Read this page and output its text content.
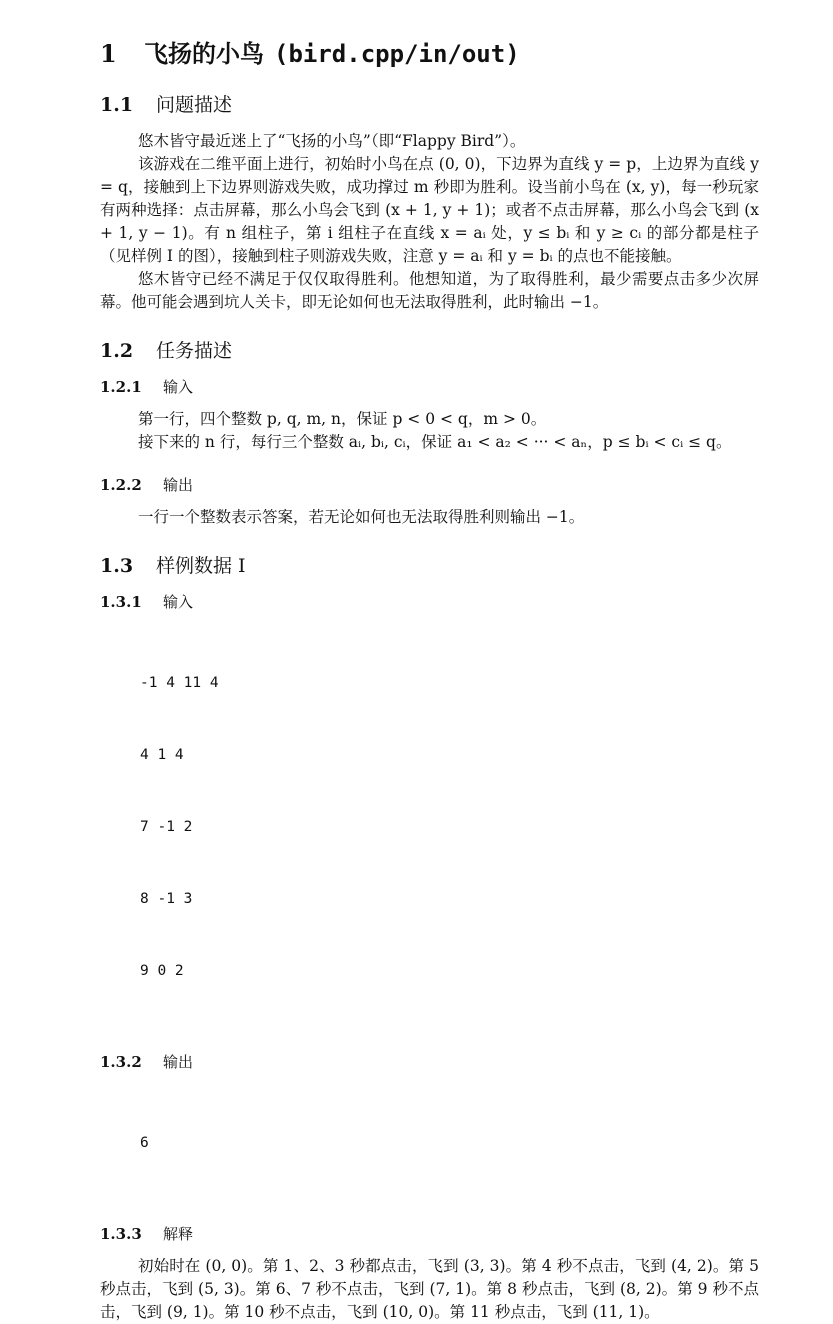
1	飞扬的小鸟 (bird.cpp/in/out)
1.1	问题描述

悠木皆守最近迷上了“飞扬的小鸟”（即“Flappy Bird”）。

该游戏在二维平面上进行，初始时小鸟在点 (0, 0)，下边界为直线 y = p，上边界为直线 y = q，接触到上下边界则游戏失败，成功撑过 m 秒即为胜利。设当前小鸟在 (x, y)，每一秒玩家有两种选择：点击屏幕，那么小鸟会飞到 (x + 1, y + 1)；或者不点击屏幕，那么小鸟会飞到 (x + 1, y − 1)。有 n 组柱子，第 i 组柱子在直线 x = aᵢ 处，y ≤ bᵢ 和 y ≥ cᵢ 的部分都是柱子（见样例 I 的图），接触到柱子则游戏失败，注意 y = aᵢ 和 y = bᵢ 的点也不能接触。

悠木皆守已经不满足于仅仅取得胜利。他想知道，为了取得胜利，最少需要点击多少次屏幕。他可能会遇到坑人关卡，即无论如何也无法取得胜利，此时输出 −1。

1.2	任务描述
1.2.1	输入

第一行，四个整数 p, q, m, n，保证 p < 0 < q，m > 0。

接下来的 n 行，每行三个整数 aᵢ, bᵢ, cᵢ，保证 a₁ < a₂ < ··· < aₙ，p ≤ bᵢ < cᵢ ≤ q。

1.2.2	输出

一行一个整数表示答案，若无论如何也无法取得胜利则输出 −1。

1.3	样例数据 I
1.3.1	输入

-1 4 11 4

4 1 4

7 -1 2

8 -1 3

9 0 2

1.3.2	输出

6

1.3.3	解释

初始时在 (0, 0)。第 1、2、3 秒都点击，飞到 (3, 3)。第 4 秒不点击，飞到 (4, 2)。第 5 秒点击，飞到 (5, 3)。第 6、7 秒不点击，飞到 (7, 1)。第 8 秒点击，飞到 (8, 2)。第 9 秒不点击，飞到 (9, 1)。第 10 秒不点击，飞到 (10, 0)。第 11 秒点击，飞到 (11, 1)。
